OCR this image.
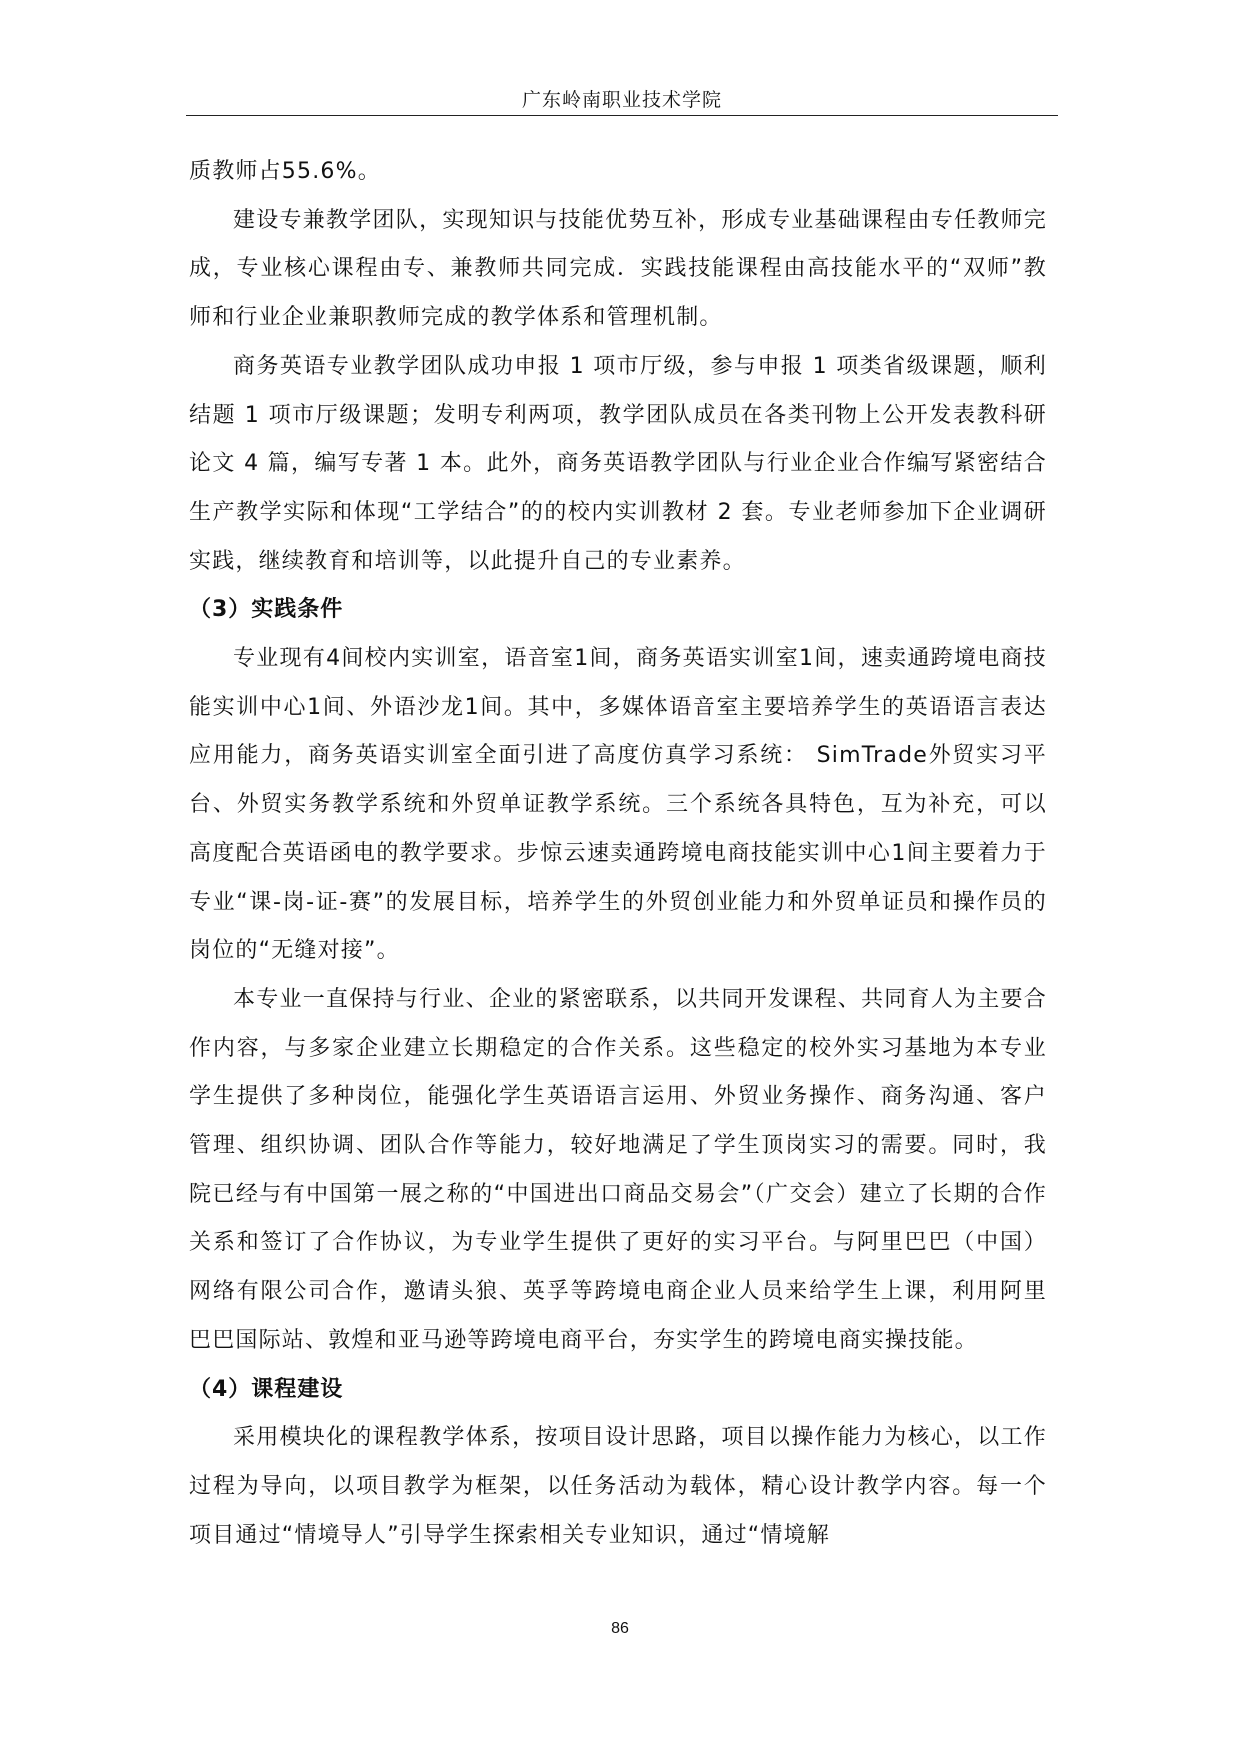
广东岭南职业技术学院

质教师占55.6%。

建设专兼教学团队，实现知识与技能优势互补，形成专业基础课程由专任教师完成，专业核心课程由专、兼教师共同完成．实践技能课程由高技能水平的“双师”教师和行业企业兼职教师完成的教学体系和管理机制。

商务英语专业教学团队成功申报 1 项市厅级，参与申报 1 项类省级课题，顺利结题 1 项市厅级课题；发明专利两项，教学团队成员在各类刊物上公开发表教科研论文 4 篇，编写专著 1 本。此外，商务英语教学团队与行业企业合作编写紧密结合生产教学实际和体现“工学结合”的的校内实训教材 2 套。专业老师参加下企业调研实践，继续教育和培训等，以此提升自己的专业素养。

（3）实践条件

专业现有4间校内实训室，语音室1间，商务英语实训室1间，速卖通跨境电商技能实训中心1间、外语沙龙1间。其中，多媒体语音室主要培养学生的英语语言表达应用能力，商务英语实训室全面引进了高度仿真学习系统： SimTrade外贸实习平台、外贸实务教学系统和外贸单证教学系统。三个系统各具特色，互为补充，可以高度配合英语函电的教学要求。步惊云速卖通跨境电商技能实训中心1间主要着力于专业“课-岗-证-赛”的发展目标，培养学生的外贸创业能力和外贸单证员和操作员的岗位的“无缝对接”。

本专业一直保持与行业、企业的紧密联系，以共同开发课程、共同育人为主要合作内容，与多家企业建立长期稳定的合作关系。这些稳定的校外实习基地为本专业学生提供了多种岗位，能强化学生英语语言运用、外贸业务操作、商务沟通、客户管理、组织协调、团队合作等能力，较好地满足了学生顶岗实习的需要。同时，我院已经与有中国第一展之称的“中国进出口商品交易会”（广交会）建立了长期的合作关系和签订了合作协议，为专业学生提供了更好的实习平台。与阿里巴巴（中国）网络有限公司合作，邀请头狼、英孚等跨境电商企业人员来给学生上课，利用阿里巴巴国际站、敦煌和亚马逊等跨境电商平台，夯实学生的跨境电商实操技能。

（4）课程建设

采用模块化的课程教学体系，按项目设计思路，项目以操作能力为核心，以工作过程为导向，以项目教学为框架，以任务活动为载体，精心设计教学内容。每一个项目通过“情境导人”引导学生探索相关专业知识，通过“情境解

86
